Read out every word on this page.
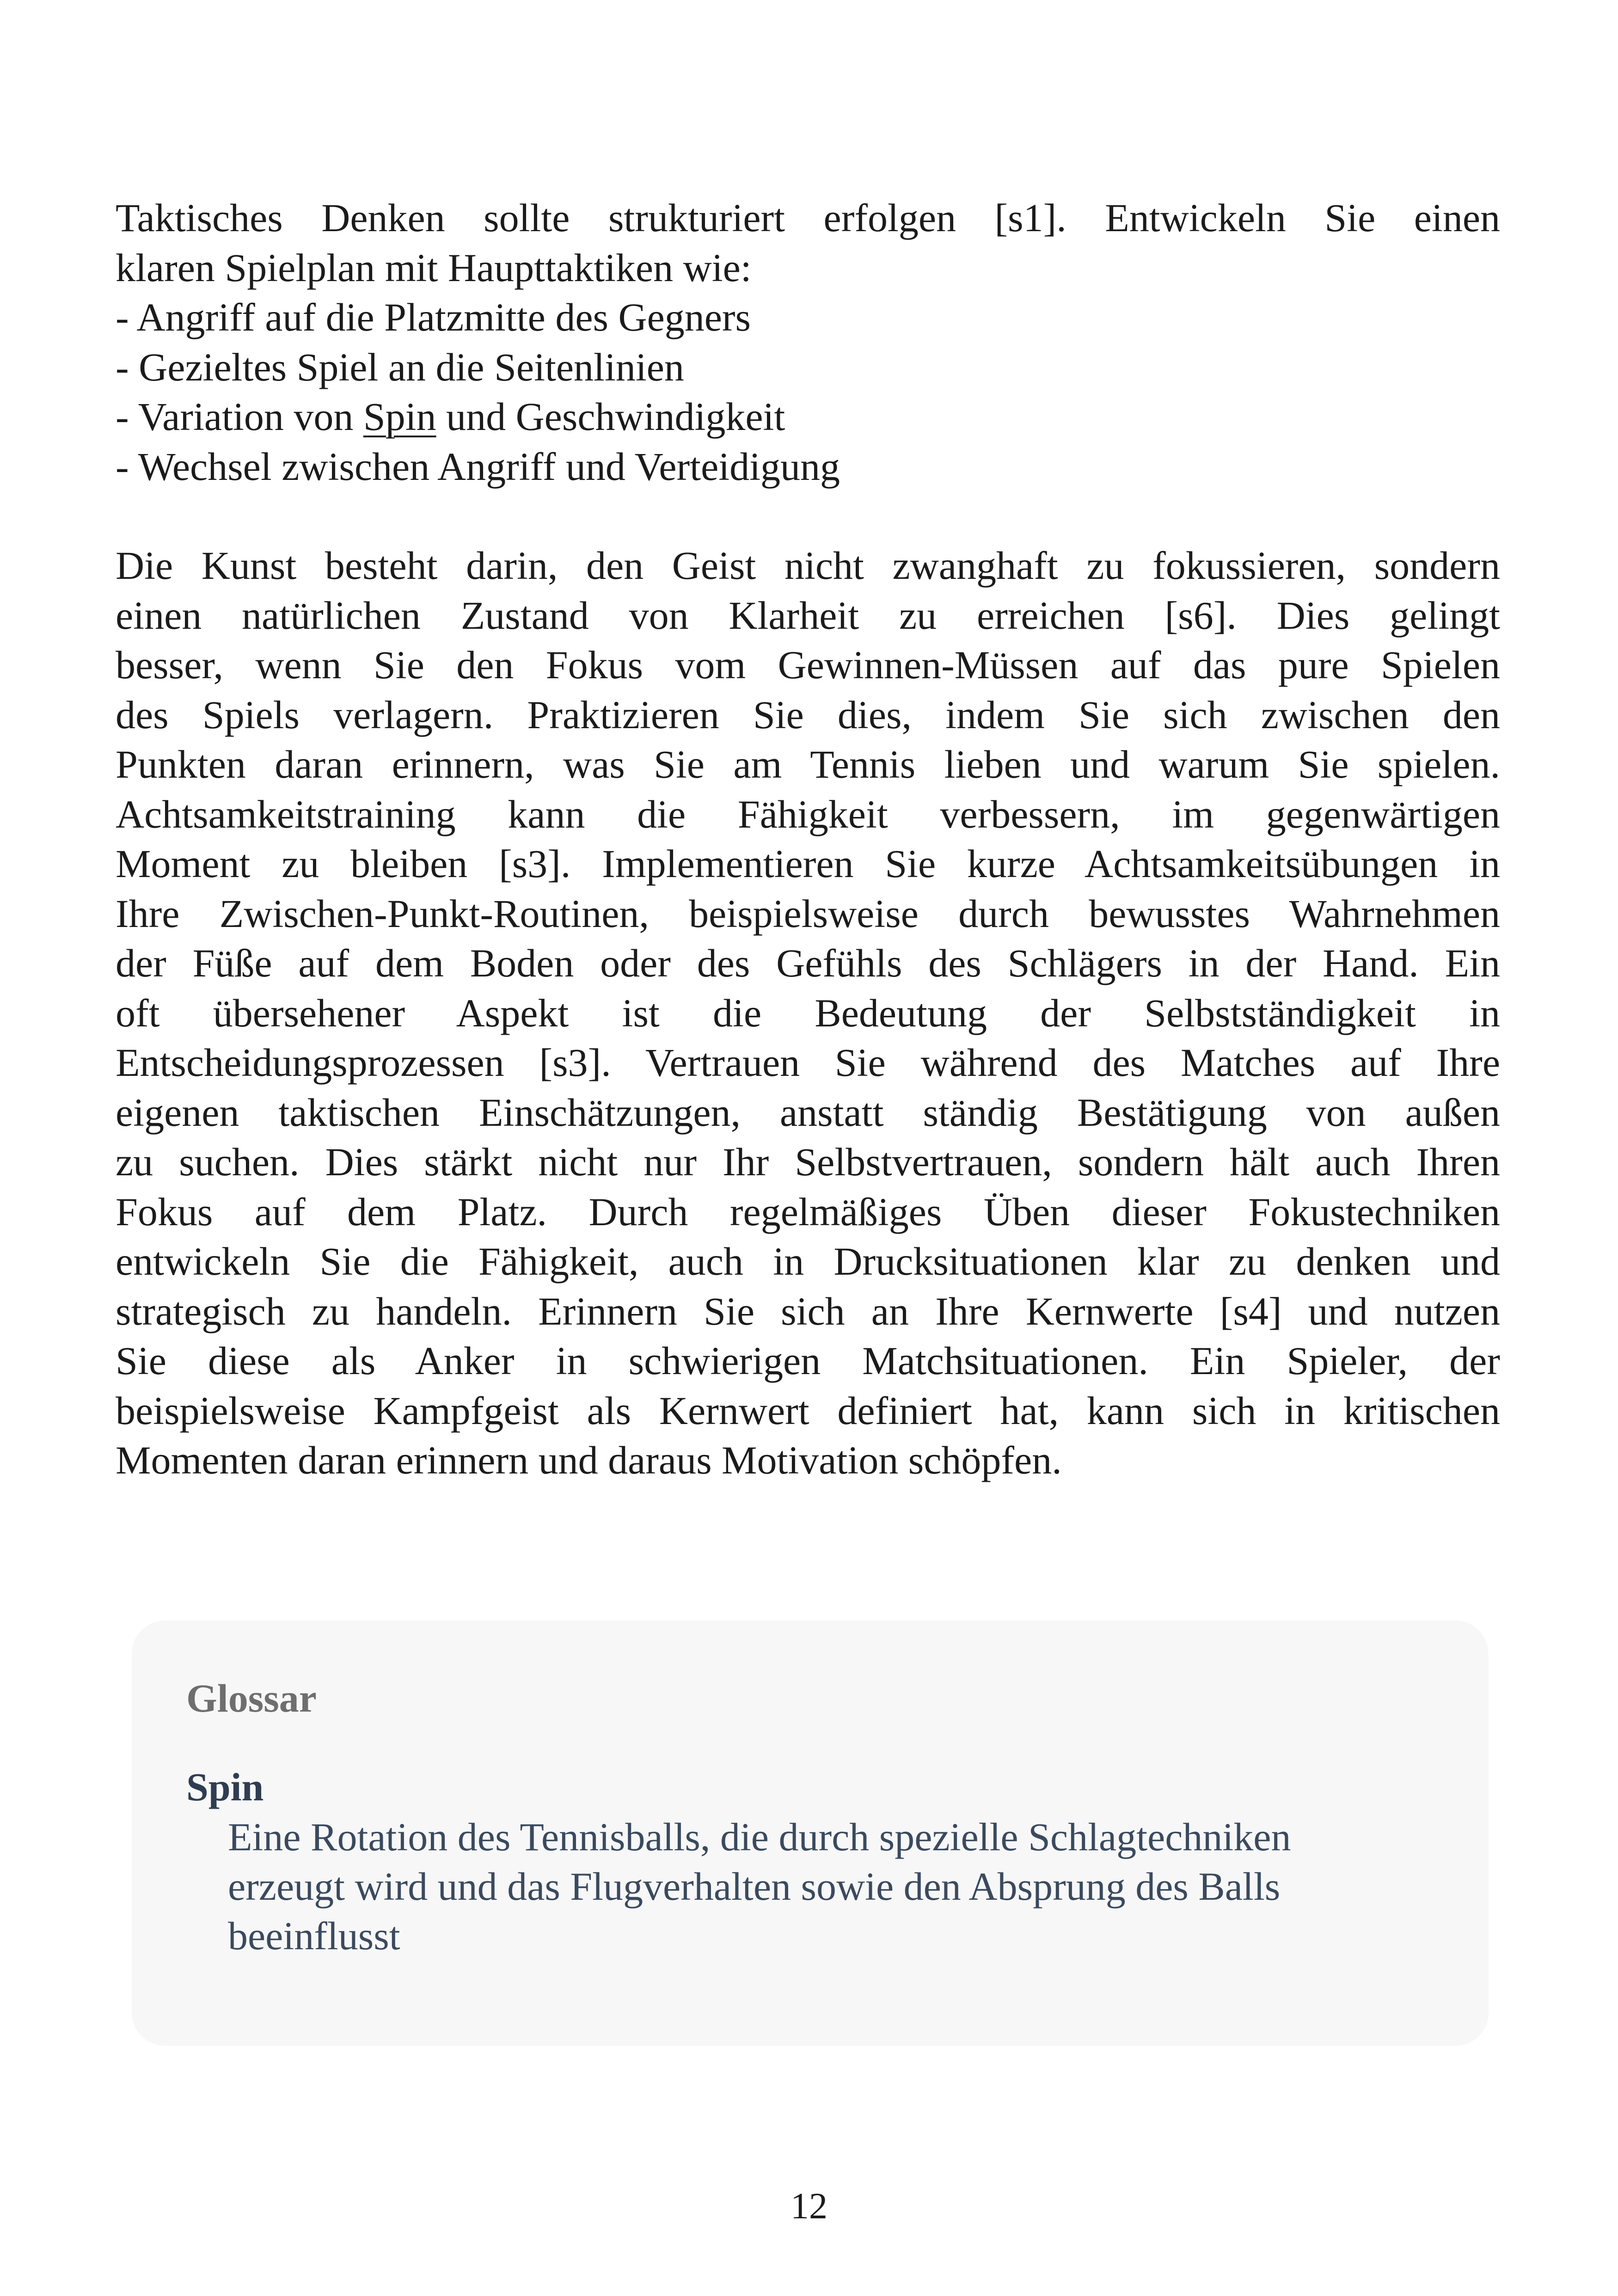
Taktisches Denken sollte strukturiert erfolgen [s1]. Entwickeln Sie einen
klaren Spielplan mit Haupttaktiken wie:
- Angriff auf die Platzmitte des Gegners
- Gezieltes Spiel an die Seitenlinien
- Variation von Spin und Geschwindigkeit
- Wechsel zwischen Angriff und Verteidigung
Die Kunst besteht darin, den Geist nicht zwanghaft zu fokussieren, sondern
einen natürlichen Zustand von Klarheit zu erreichen [s6]. Dies gelingt
besser, wenn Sie den Fokus vom Gewinnen-Müssen auf das pure Spielen
des Spiels verlagern. Praktizieren Sie dies, indem Sie sich zwischen den
Punkten daran erinnern, was Sie am Tennis lieben und warum Sie spielen.
Achtsamkeitstraining kann die Fähigkeit verbessern, im gegenwärtigen
Moment zu bleiben [s3]. Implementieren Sie kurze Achtsamkeitsübungen in
Ihre Zwischen-Punkt-Routinen, beispielsweise durch bewusstes Wahrnehmen
der Füße auf dem Boden oder des Gefühls des Schlägers in der Hand. Ein
oft übersehener Aspekt ist die Bedeutung der Selbstständigkeit in
Entscheidungsprozessen [s3]. Vertrauen Sie während des Matches auf Ihre
eigenen taktischen Einschätzungen, anstatt ständig Bestätigung von außen
zu suchen. Dies stärkt nicht nur Ihr Selbstvertrauen, sondern hält auch Ihren
Fokus auf dem Platz. Durch regelmäßiges Üben dieser Fokustechniken
entwickeln Sie die Fähigkeit, auch in Drucksituationen klar zu denken und
strategisch zu handeln. Erinnern Sie sich an Ihre Kernwerte [s4] und nutzen
Sie diese als Anker in schwierigen Matchsituationen. Ein Spieler, der
beispielsweise Kampfgeist als Kernwert definiert hat, kann sich in kritischen
Momenten daran erinnern und daraus Motivation schöpfen.

Glossar

Spin

Eine Rotation des Tennisballs, die durch spezielle Schlagtechniken
erzeugt wird und das Flugverhalten sowie den Absprung des Balls
beeinflusst

12
